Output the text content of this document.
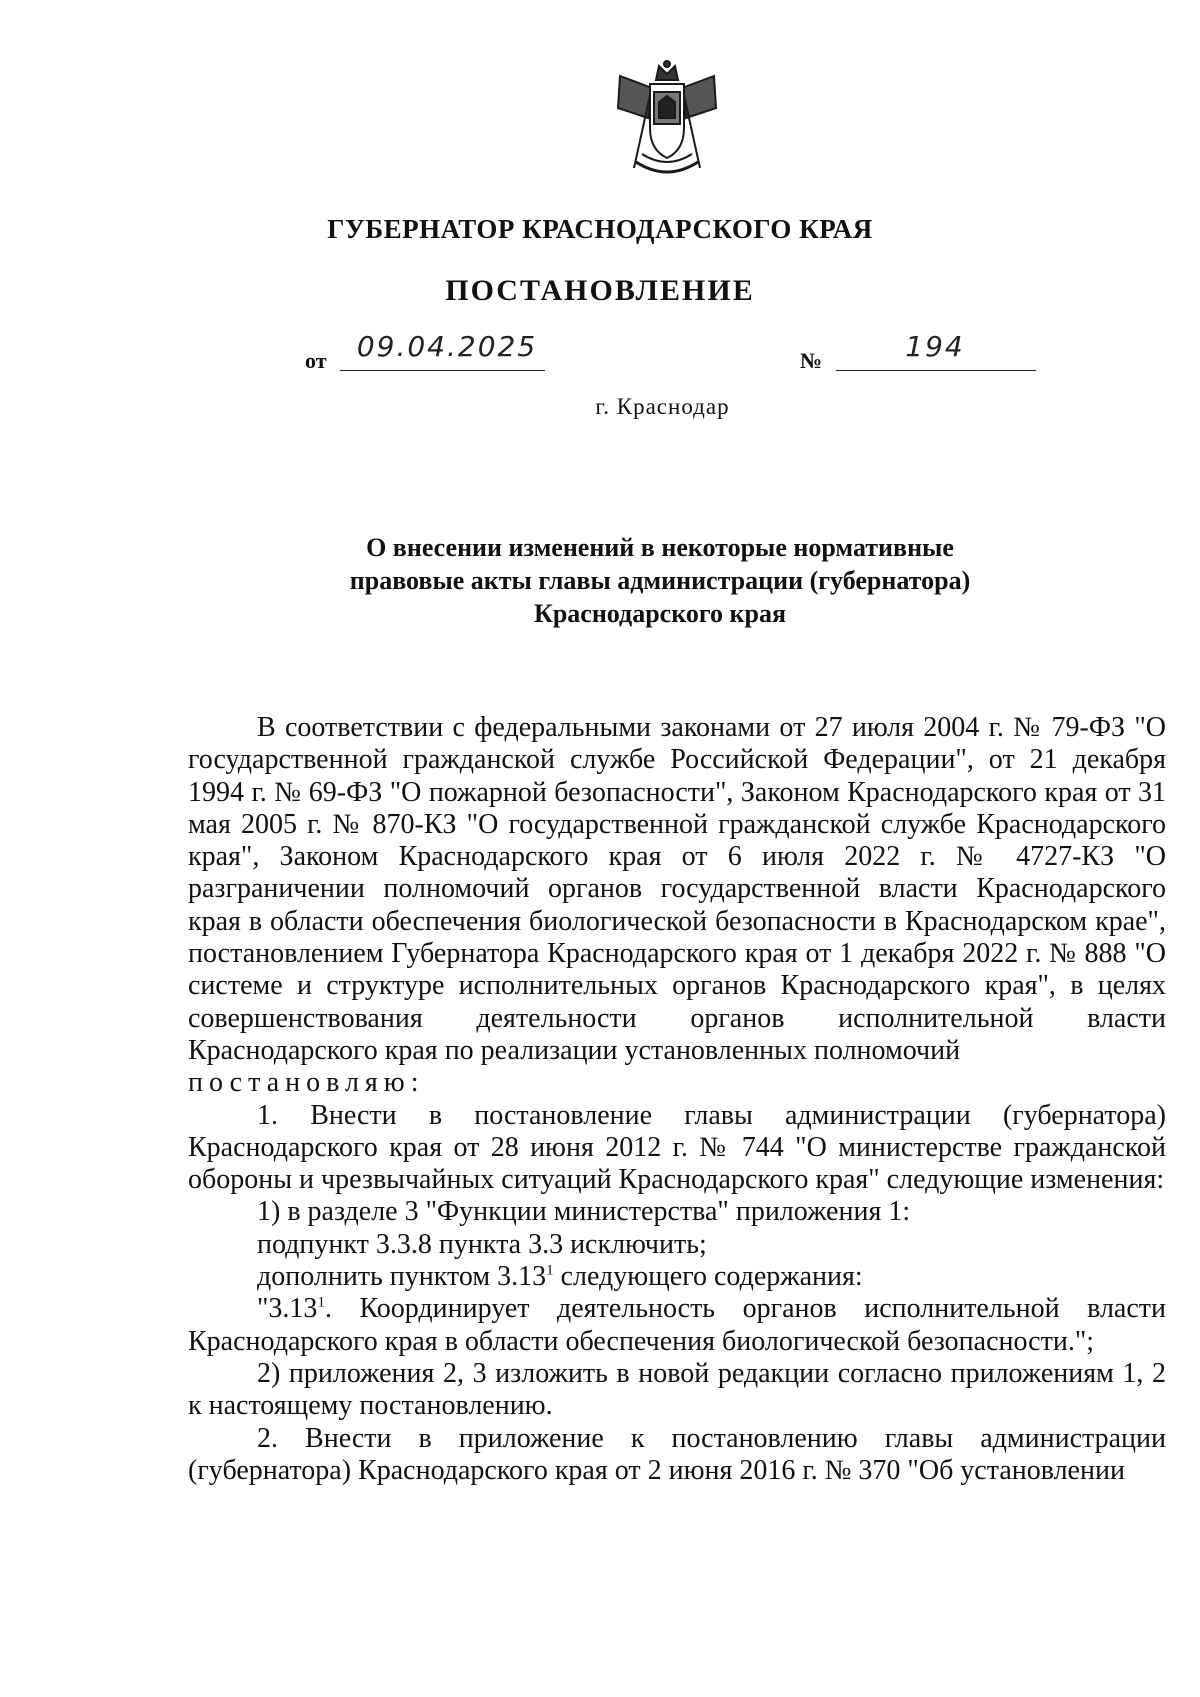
ГУБЕРНАТОР КРАСНОДАРСКОГО КРАЯ
ПОСТАНОВЛЕНИЕ
от	09.04.2025	№	194
г. Краснодар
О внесении изменений в некоторые нормативные
правовые акты главы администрации (губернатора)
Краснодарского края

В соответствии с федеральными законами от 27 июля 2004 г. № 79-ФЗ "О государственной гражданской службе Российской Федерации", от 21 декабря 1994 г. № 69-ФЗ "О пожарной безопасности", Законом Краснодарского края от 31 мая 2005 г. № 870-КЗ "О государственной гражданской службе Краснодарского края", Законом Краснодарского края от 6 июля 2022 г. № 4727-КЗ "О разграничении полномочий органов государственной власти Краснодарского края в области обеспечения биологической безопасности в Краснодарском крае", постановлением Губернатора Краснодарского края от 1 декабря 2022 г. № 888 "О системе и структуре исполнительных органов Краснодарского края", в целях совершенствования деятельности органов исполнительной власти Краснодарского края по реализации установленных полномочий

постановляю:

1. Внести в постановление главы администрации (губернатора) Краснодарского края от 28 июня 2012 г. № 744 "О министерстве гражданской обороны и чрезвычайных ситуаций Краснодарского края" следующие изменения:

1) в разделе 3 "Функции министерства" приложения 1:

подпункт 3.3.8 пункта 3.3 исключить;

дополнить пунктом 3.13$^1$ следующего содержания:

"3.13$^1$. Координирует деятельность органов исполнительной власти Краснодарского края в области обеспечения биологической безопасности.";

2) приложения 2, 3 изложить в новой редакции согласно приложениям 1, 2 к настоящему постановлению.

2. Внести в приложение к постановлению главы администрации (губернатора) Краснодарского края от 2 июня 2016 г. № 370 "Об установлении
